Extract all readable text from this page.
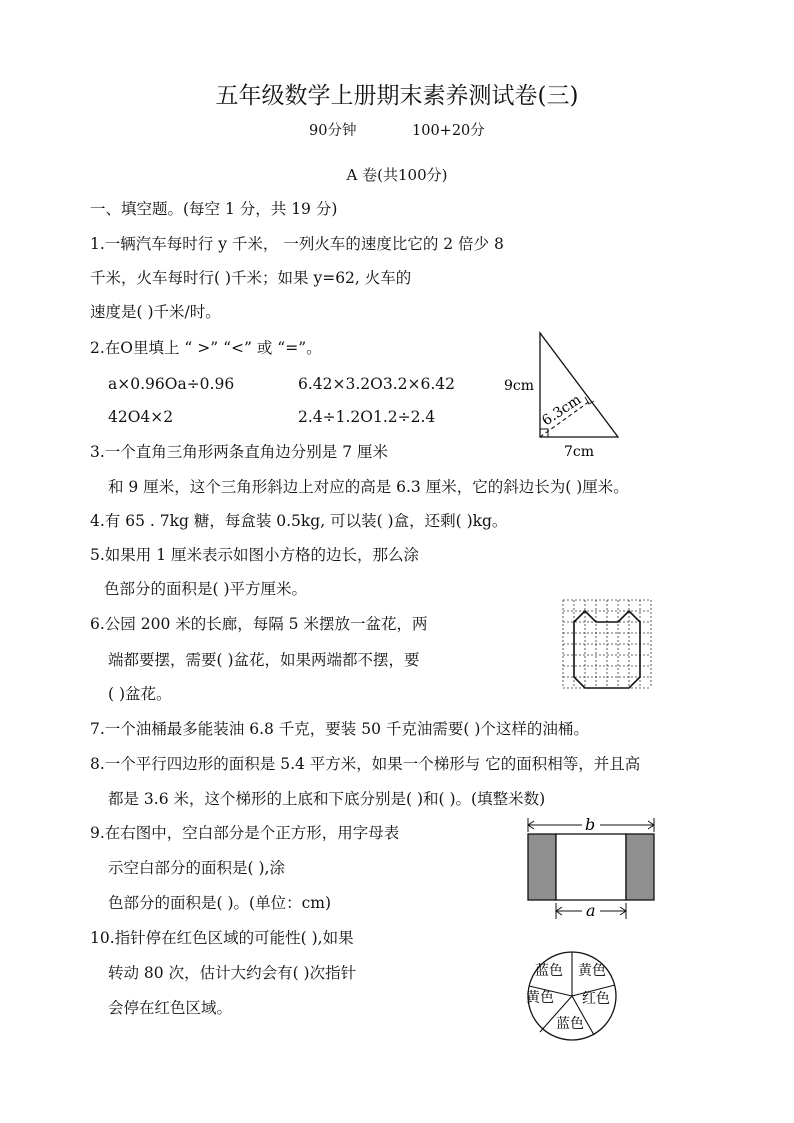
五年级数学上册期末素养测试卷(三)
90分钟	100+20分
A 卷(共100分)
一、填空题。(每空 1 分，共 19 分)
1.一辆汽车每时行 y 千米， 一列火车的速度比它的 2 倍少 8
千米，火车每时行( )千米；如果 y=62, 火车的
速度是( )千米/时。
2.在O里填上 “ >” “<” 或 “=”。
a×0.96Oa÷0.96	6.42×3.2O3.2×6.42
42O4×2	2.4÷1.2O1.2÷2.4
9cm
6.3cm
7cm
3.一个直角三角形两条直角边分别是 7 厘米
和 9 厘米，这个三角形斜边上对应的高是 6.3 厘米，它的斜边长为( )厘米。
4.有 65 . 7kg 糖，每盒装 0.5kg, 可以装( )盒，还剩( )kg。
5.如果用 1 厘米表示如图小方格的边长，那么涂
色部分的面积是( )平方厘米。
6.公园 200 米的长廊，每隔 5 米摆放一盆花，两
端都要摆，需要( )盆花，如果两端都不摆，要
( )盆花。
7.一个油桶最多能装油 6.8 千克，要装 50 千克油需要( )个这样的油桶。
8.一个平行四边形的面积是 5.4 平方米，如果一个梯形与 它的面积相等，并且高
都是 3.6 米，这个梯形的上底和下底分别是( )和( )。(填整米数)
b
a
9.在右图中，空白部分是个正方形，用字母表
示空白部分的面积是( ),涂
色部分的面积是( )。(单位：cm)
10.指针停在红色区域的可能性( ),如果
转动 80 次，估计大约会有( )次指针
会停在红色区域。
蓝色 黄色
红色
蓝色
黄色
